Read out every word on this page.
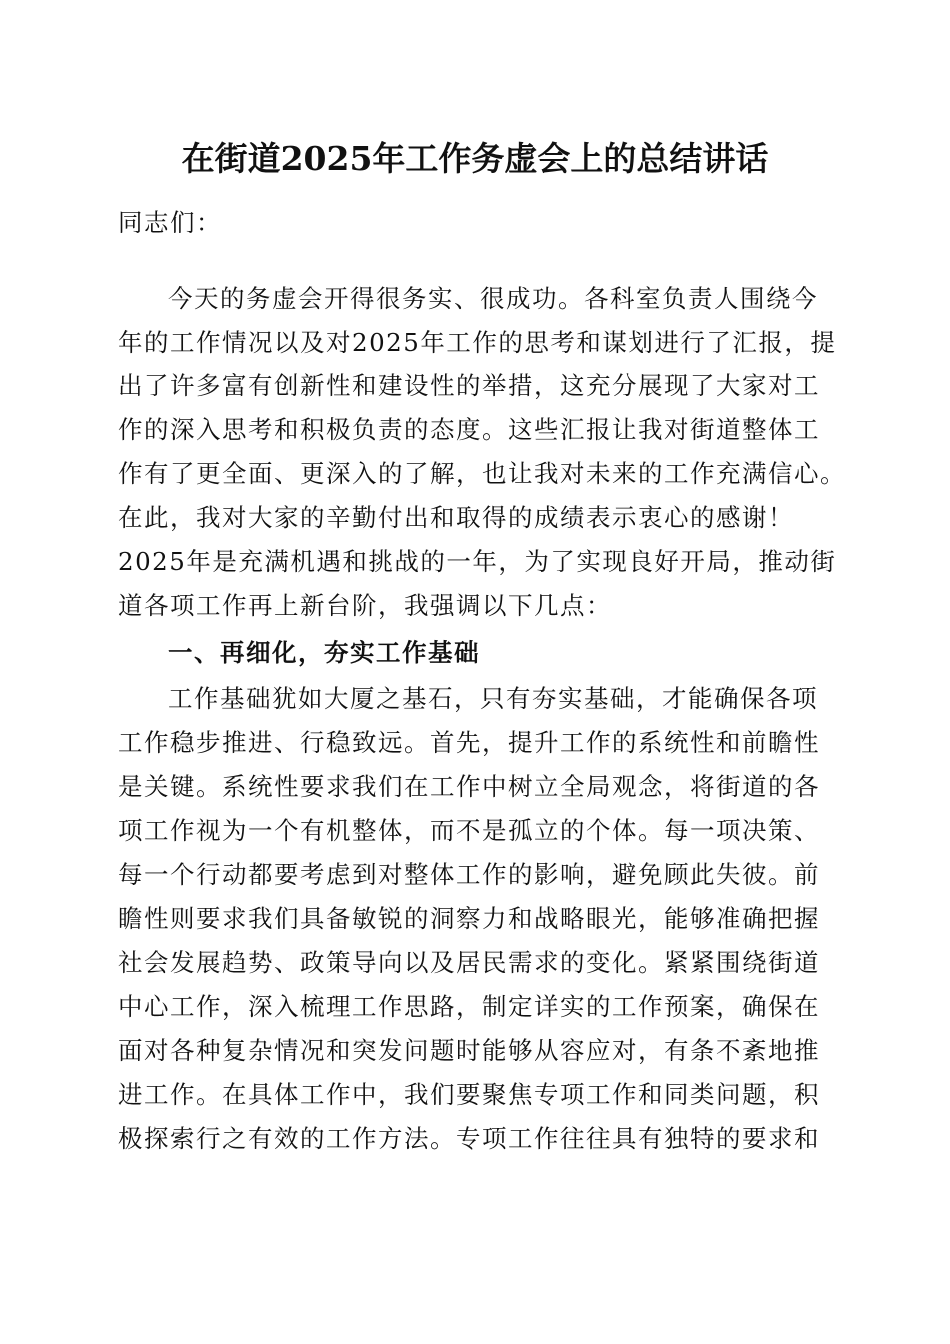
在街道2025年工作务虚会上的总结讲话
同志们：
今天的务虚会开得很务实、很成功。各科室负责人围绕今
年的工作情况以及对2025年工作的思考和谋划进行了汇报，提
出了许多富有创新性和建设性的举措，这充分展现了大家对工
作的深入思考和积极负责的态度。这些汇报让我对街道整体工
作有了更全面、更深入的了解，也让我对未来的工作充满信心。
在此，我对大家的辛勤付出和取得的成绩表示衷心的感谢！
2025年是充满机遇和挑战的一年，为了实现良好开局，推动街
道各项工作再上新台阶，我强调以下几点：
一、再细化，夯实工作基础
工作基础犹如大厦之基石，只有夯实基础，才能确保各项
工作稳步推进、行稳致远。首先，提升工作的系统性和前瞻性
是关键。系统性要求我们在工作中树立全局观念，将街道的各
项工作视为一个有机整体，而不是孤立的个体。每一项决策、
每一个行动都要考虑到对整体工作的影响，避免顾此失彼。前
瞻性则要求我们具备敏锐的洞察力和战略眼光，能够准确把握
社会发展趋势、政策导向以及居民需求的变化。紧紧围绕街道
中心工作，深入梳理工作思路，制定详实的工作预案，确保在
面对各种复杂情况和突发问题时能够从容应对，有条不紊地推
进工作。在具体工作中，我们要聚焦专项工作和同类问题，积
极探索行之有效的工作方法。专项工作往往具有独特的要求和
